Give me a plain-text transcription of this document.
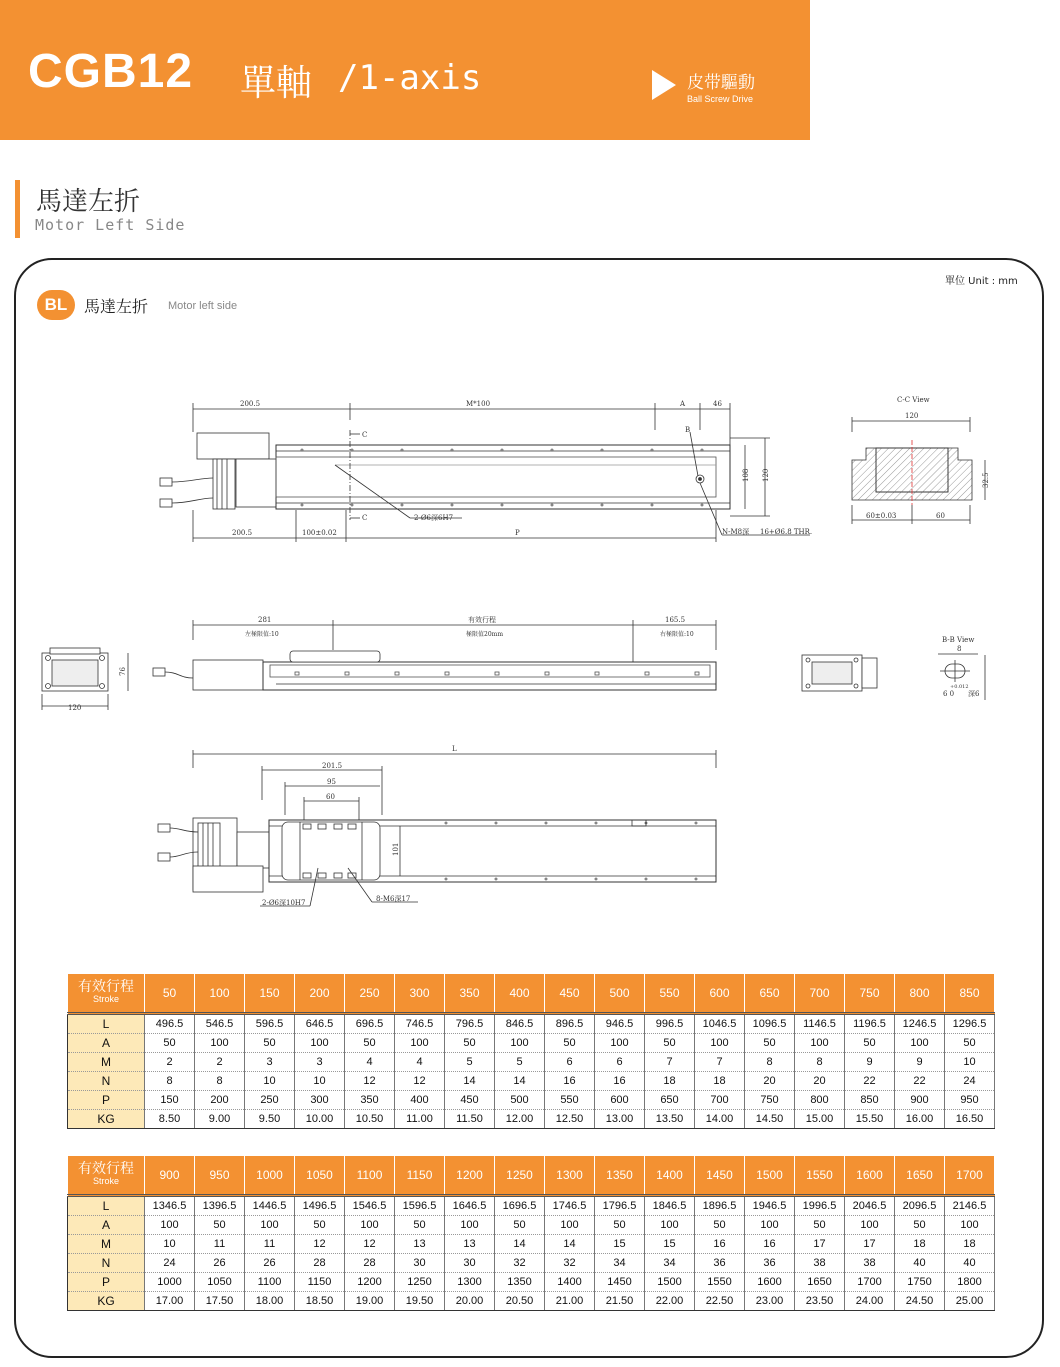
CGB12 單軸 /1-axis	皮带驅動
Ball Screw Drive
馬達左折
Motor Left Side
單位 Unit : mm
BL	馬達左折 Motor left side
200.5	M*100	A	46
C
C
B
108 120
2-Ø6深6H7
N-M8深 16+Ø6.8 THR.
200.5	100±0.02	P
C-C View
120
32.5
60±0.03	60
281
左極限值:10
有效行程
極限值20mm
165.5
右極限值:10
120
76
B-B View
8
+0.012
6 0 深6
L
201.5
95
60
101
2-Ø6深10H7	8-M6深17
有效行程
Stroke	50	100	150	200	250	300	350	400	450	500	550	600	650	700	750	800	850
L	496.5	546.5	596.5	646.5	696.5	746.5	796.5	846.5	896.5	946.5	996.5	1046.5	1096.5	1146.5	1196.5	1246.5	1296.5
A	50	100	50	100	50	100	50	100	50	100	50	100	50	100	50	100	50
M	2	2	3	3	4	4	5	5	6	6	7	7	8	8	9	9	10
N	8	8	10	10	12	12	14	14	16	16	18	18	20	20	22	22	24
P	150	200	250	300	350	400	450	500	550	600	650	700	750	800	850	900	950
KG	8.50	9.00	9.50	10.00	10.50	11.00	11.50	12.00	12.50	13.00	13.50	14.00	14.50	15.00	15.50	16.00	16.50
有效行程
Stroke	900	950	1000	1050	1100	1150	1200	1250	1300	1350	1400	1450	1500	1550	1600	1650	1700
L	1346.5	1396.5	1446.5	1496.5	1546.5	1596.5	1646.5	1696.5	1746.5	1796.5	1846.5	1896.5	1946.5	1996.5	2046.5	2096.5	2146.5
A	100	50	100	50	100	50	100	50	100	50	100	50	100	50	100	50	100
M	10	11	11	12	12	13	13	14	14	15	15	16	16	17	17	18	18
N	24	26	26	28	28	30	30	32	32	34	34	36	36	38	38	40	40
P	1000	1050	1100	1150	1200	1250	1300	1350	1400	1450	1500	1550	1600	1650	1700	1750	1800
KG	17.00	17.50	18.00	18.50	19.00	19.50	20.00	20.50	21.00	21.50	22.00	22.50	23.00	23.50	24.00	24.50	25.00
